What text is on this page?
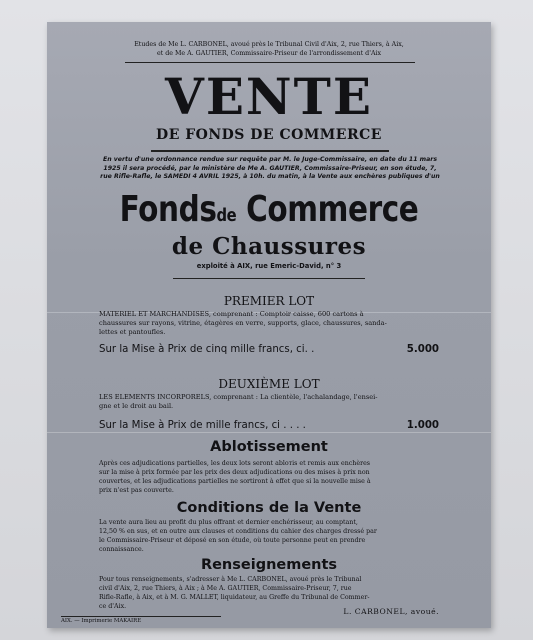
Etudes de Me L. CARBONEL, avoué près le Tribunal Civil d'Aix, 2, rue Thiers, à Aix,
et de Me A. GAUTIER, Commissaire-Priseur de l'arrondissement d'Aix
VENTE
DE FONDS DE COMMERCE
En vertu d'une ordonnance rendue sur requête par M. le Juge-Commissaire, en date du 11 mars
1925 il sera procédé, par le ministère de Me A. GAUTIER, Commissaire-Priseur, en son étude, 7,
rue Rifle-Rafle, le SAMEDI 4 AVRIL 1925, à 10h. du matin, à la Vente aux enchères publiques d'un
Fondsde Commerce
de Chaussures
exploité à AIX, rue Emeric-David, n° 3
PREMIER LOT
MATERIEL ET MARCHANDISES, comprenant : Comptoir caisse, 600 cartons à
chaussures sur rayons, vitrine, étagères en verre, supports, glace, chaussures, sanda-
lettes et pantoufles.
Sur la Mise à Prix de cinq mille francs, ci. .	5.000
DEUXIÈME LOT
LES ELEMENTS INCORPORELS, comprenant : La clientèle, l'achalandage, l'ensei-
gne et le droit au bail.
Sur la Mise à Prix de mille francs, ci . . . .	1.000
Ablotissement
Après ces adjudications partielles, les deux lots seront abloтis et remis aux enchères
sur la mise à prix formée par les prix des deux adjudications ou des mises à prix non
couvertes, et les adjudications partielles ne sortiront à effet que si la nouvelle mise à
prix n'est pas couverte.
Conditions de la Vente
La vente aura lieu au profit du plus offrant et dernier enchérisseur, au comptant,
12,50 % en sus, et en outre aux clauses et conditions du cahier des charges dressé par
le Commissaire-Priseur et déposé en son étude, où toute personne peut en prendre
connaissance.
Renseignements
Pour tous renseignements, s'adresser à Me L. CARBONEL, avoué près le Tribunal
civil d'Aix, 2, rue Thiers, à Aix ; à Me A. GAUTIER, Commissaire-Priseur, 7, rue
Rifle-Rafle, à Aix, et à M. G. MALLET, liquidateur, au Greffe du Tribunal de Commer-
ce d'Aix.
L. CARBONEL, avoué.
AIX. — Imprimerie MAKAIRE
